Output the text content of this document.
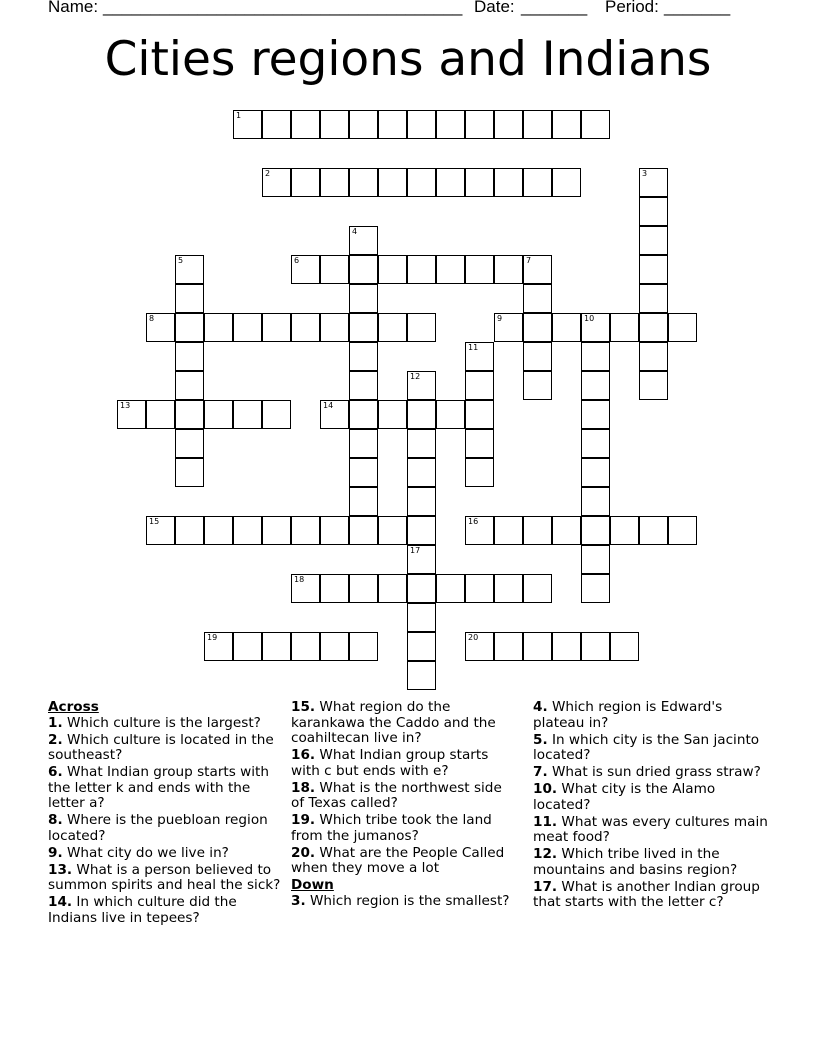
Name: ______________________________________ Date: _______ Period: _______
Cities regions and Indians
1
2	3
4
5	6	7
8	9	10
11
12
13	14
15	16
17
18
19	20
Across
1. Which culture is the largest?
2. Which culture is located in the southeast?
6. What Indian group starts with the letter k and ends with the letter a?
8. Where is the puebloan region located?
9. What city do we live in?
13. What is a person believed to summon spirits and heal the sick?
14. In which culture did the Indians live in tepees?
15. What region do the karankawa the Caddo and the coahiltecan live in?
16. What Indian group starts with c but ends with e?
18. What is the northwest side of Texas called?
19. Which tribe took the land from the jumanos?
20. What are the People Called when they move a lot
Down
3. Which region is the smallest?
4. Which region is Edward's plateau in?
5. In which city is the San jacinto located?
7. What is sun dried grass straw?
10. What city is the Alamo located?
11. What was every cultures main meat food?
12. Which tribe lived in the mountains and basins region?
17. What is another Indian group that starts with the letter c?
